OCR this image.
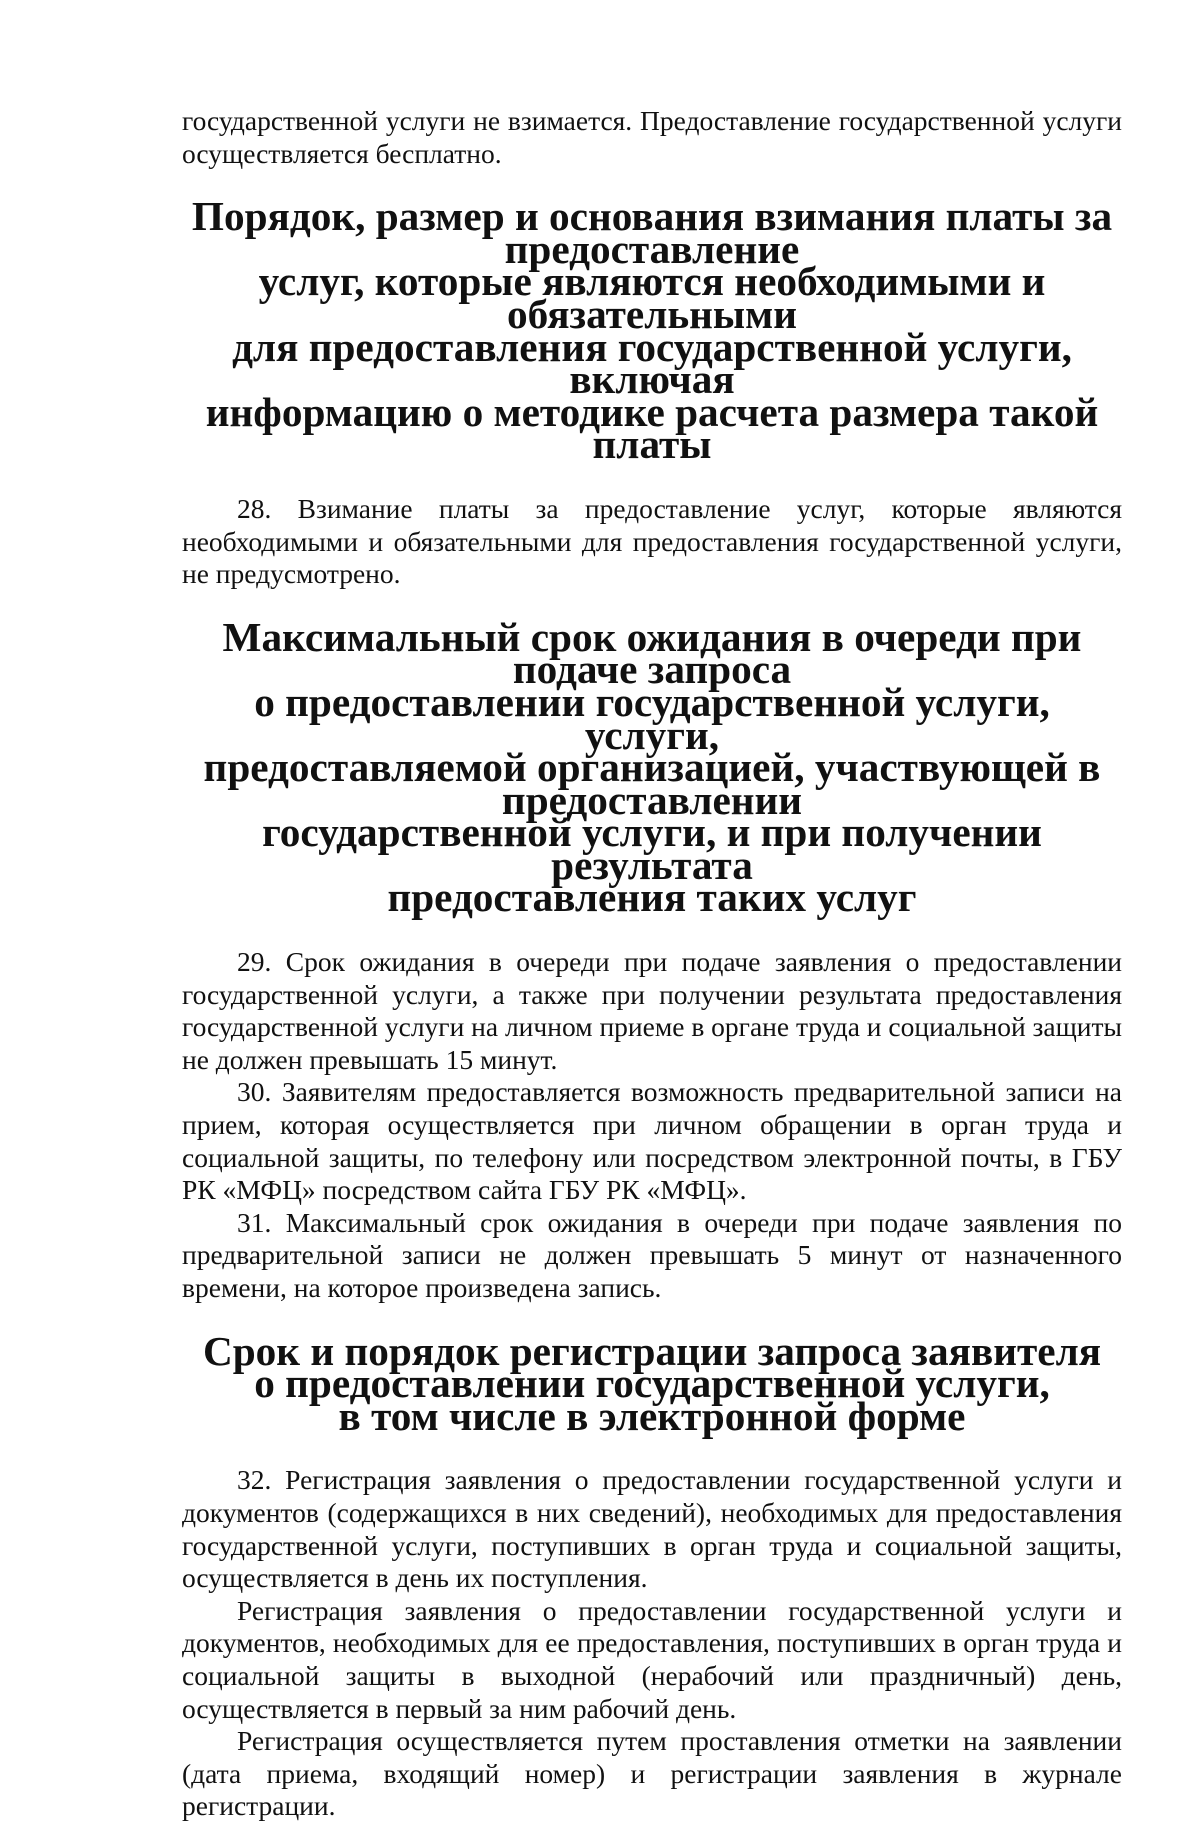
государственной услуги не взимается. Предоставление государственной услуги осуществляется бесплатно.

Порядок, размер и основания взимания платы за предоставление
услуг, которые являются необходимыми и обязательными
для предоставления государственной услуги, включая
информацию о методике расчета размера такой платы

28. Взимание платы за предоставление услуг, которые являются необходимыми и обязательными для предоставления государственной услуги, не предусмотрено.

Максимальный срок ожидания в очереди при подаче запроса
о предоставлении государственной услуги, услуги,
предоставляемой организацией, участвующей в предоставлении
государственной услуги, и при получении результата
предоставления таких услуг

29. Срок ожидания в очереди при подаче заявления о предоставлении государственной услуги, а также при получении результата предоставления государственной услуги на личном приеме в органе труда и социальной защиты не должен превышать 15 минут.

30. Заявителям предоставляется возможность предварительной записи на прием, которая осуществляется при личном обращении в орган труда и социальной защиты, по телефону или посредством электронной почты, в ГБУ РК «МФЦ» посредством сайта ГБУ РК «МФЦ».

31. Максимальный срок ожидания в очереди при подаче заявления по предварительной записи не должен превышать 5 минут от назначенного времени, на которое произведена запись.

Срок и порядок регистрации запроса заявителя
о предоставлении государственной услуги,
в том числе в электронной форме

32. Регистрация заявления о предоставлении государственной услуги и документов (содержащихся в них сведений), необходимых для предоставления государственной услуги, поступивших в орган труда и социальной защиты, осуществляется в день их поступления.

Регистрация заявления о предоставлении государственной услуги и документов, необходимых для ее предоставления, поступивших в орган труда и социальной защиты в выходной (нерабочий или праздничный) день, осуществляется в первый за ним рабочий день.

Регистрация осуществляется путем проставления отметки на заявлении (дата приема, входящий номер) и регистрации заявления в журнале регистрации.
